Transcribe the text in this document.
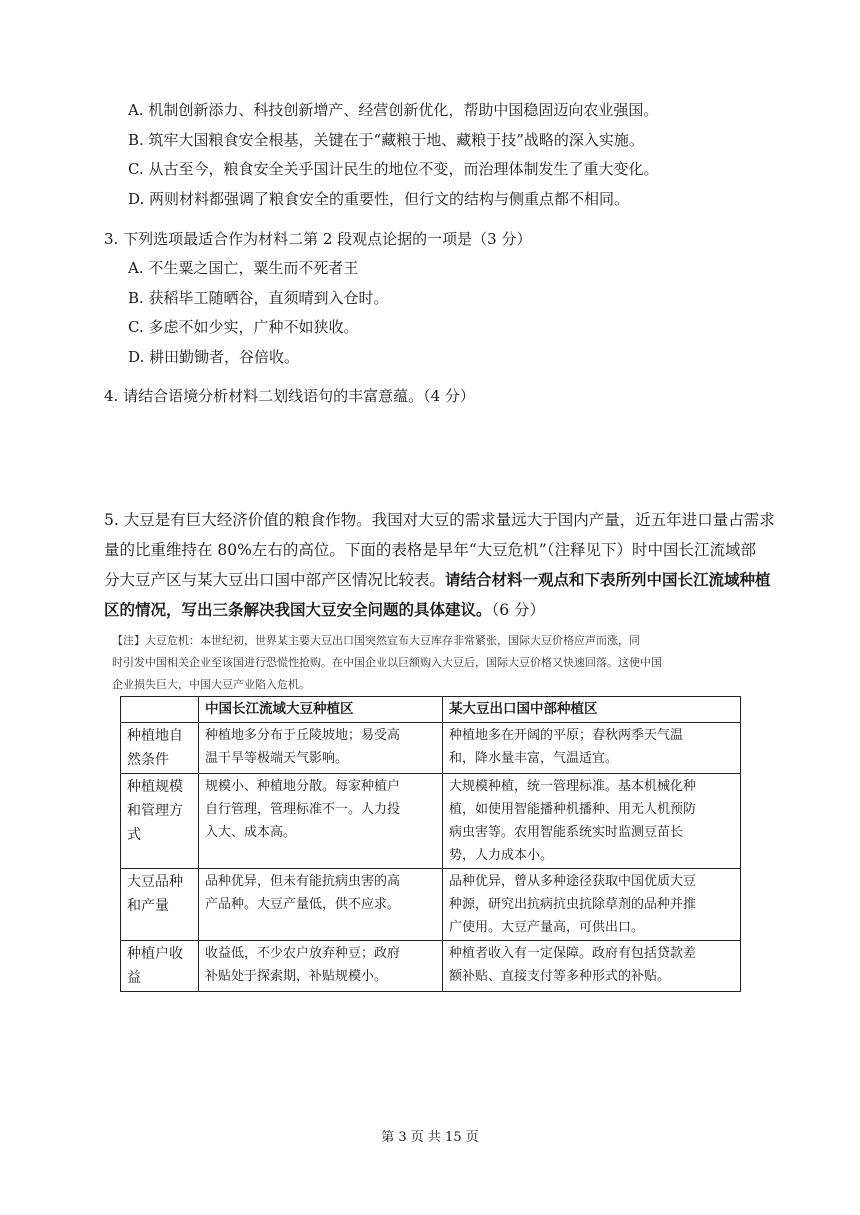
A. 机制创新添力、科技创新增产、经营创新优化，帮助中国稳固迈向农业强国。
B. 筑牢大国粮食安全根基，关键在于“藏粮于地、藏粮于技”战略的深入实施。
C. 从古至今，粮食安全关乎国计民生的地位不变，而治理体制发生了重大变化。
D. 两则材料都强调了粮食安全的重要性，但行文的结构与侧重点都不相同。
3. 下列选项最适合作为材料二第 2 段观点论据的一项是（3 分）
A. 不生粟之国亡，粟生而不死者王
B. 获稻毕工随晒谷，直须晴到入仓时。
C. 多虑不如少实，广种不如狭收。
D. 耕田勤锄者，谷倍收。
4. 请结合语境分析材料二划线语句的丰富意蕴。（4 分）
5. 大豆是有巨大经济价值的粮食作物。我国对大豆的需求量远大于国内产量，近五年进口量占需求
量的比重维持在 80%左右的高位。下面的表格是早年“大豆危机”（注释见下）时中国长江流域部
分大豆产区与某大豆出口国中部产区情况比较表。请结合材料一观点和下表所列中国长江流域种植
区的情况，写出三条解决我国大豆安全问题的具体建议。（6 分）
【注】大豆危机：本世纪初，世界某主要大豆出口国突然宣布大豆库存非常紧张，国际大豆价格应声而涨，同
时引发中国相关企业至该国进行恐慌性抢购。在中国企业以巨额购入大豆后，国际大豆价格又快速回落。这使中国
企业损失巨大，中国大豆产业陷入危机。
	中国长江流域大豆种植区	某大豆出口国中部种植区

种植地自
然条件	种植地多分布于丘陵坡地；易受高
温干旱等极端天气影响。	种植地多在开阔的平原；春秋两季天气温
和，降水量丰富，气温适宜。

种植规模
和管理方
式	规模小、种植地分散。每家种植户
自行管理，管理标准不一。人力投
入大、成本高。	大规模种植，统一管理标准。基本机械化种
植，如使用智能播种机播种、用无人机预防
病虫害等。农用智能系统实时监测豆苗长
势，人力成本小。

大豆品种
和产量	品种优异，但未有能抗病虫害的高
产品种。大豆产量低，供不应求。	品种优异，曾从多种途径获取中国优质大豆
种源，研究出抗病抗虫抗除草剂的品种并推
广使用。大豆产量高，可供出口。

种植户收
益	收益低，不少农户放弃种豆；政府
补贴处于探索期，补贴规模小。	种植者收入有一定保障。政府有包括贷款差
额补贴、直接支付等多种形式的补贴。
第 3 页 共 15 页
